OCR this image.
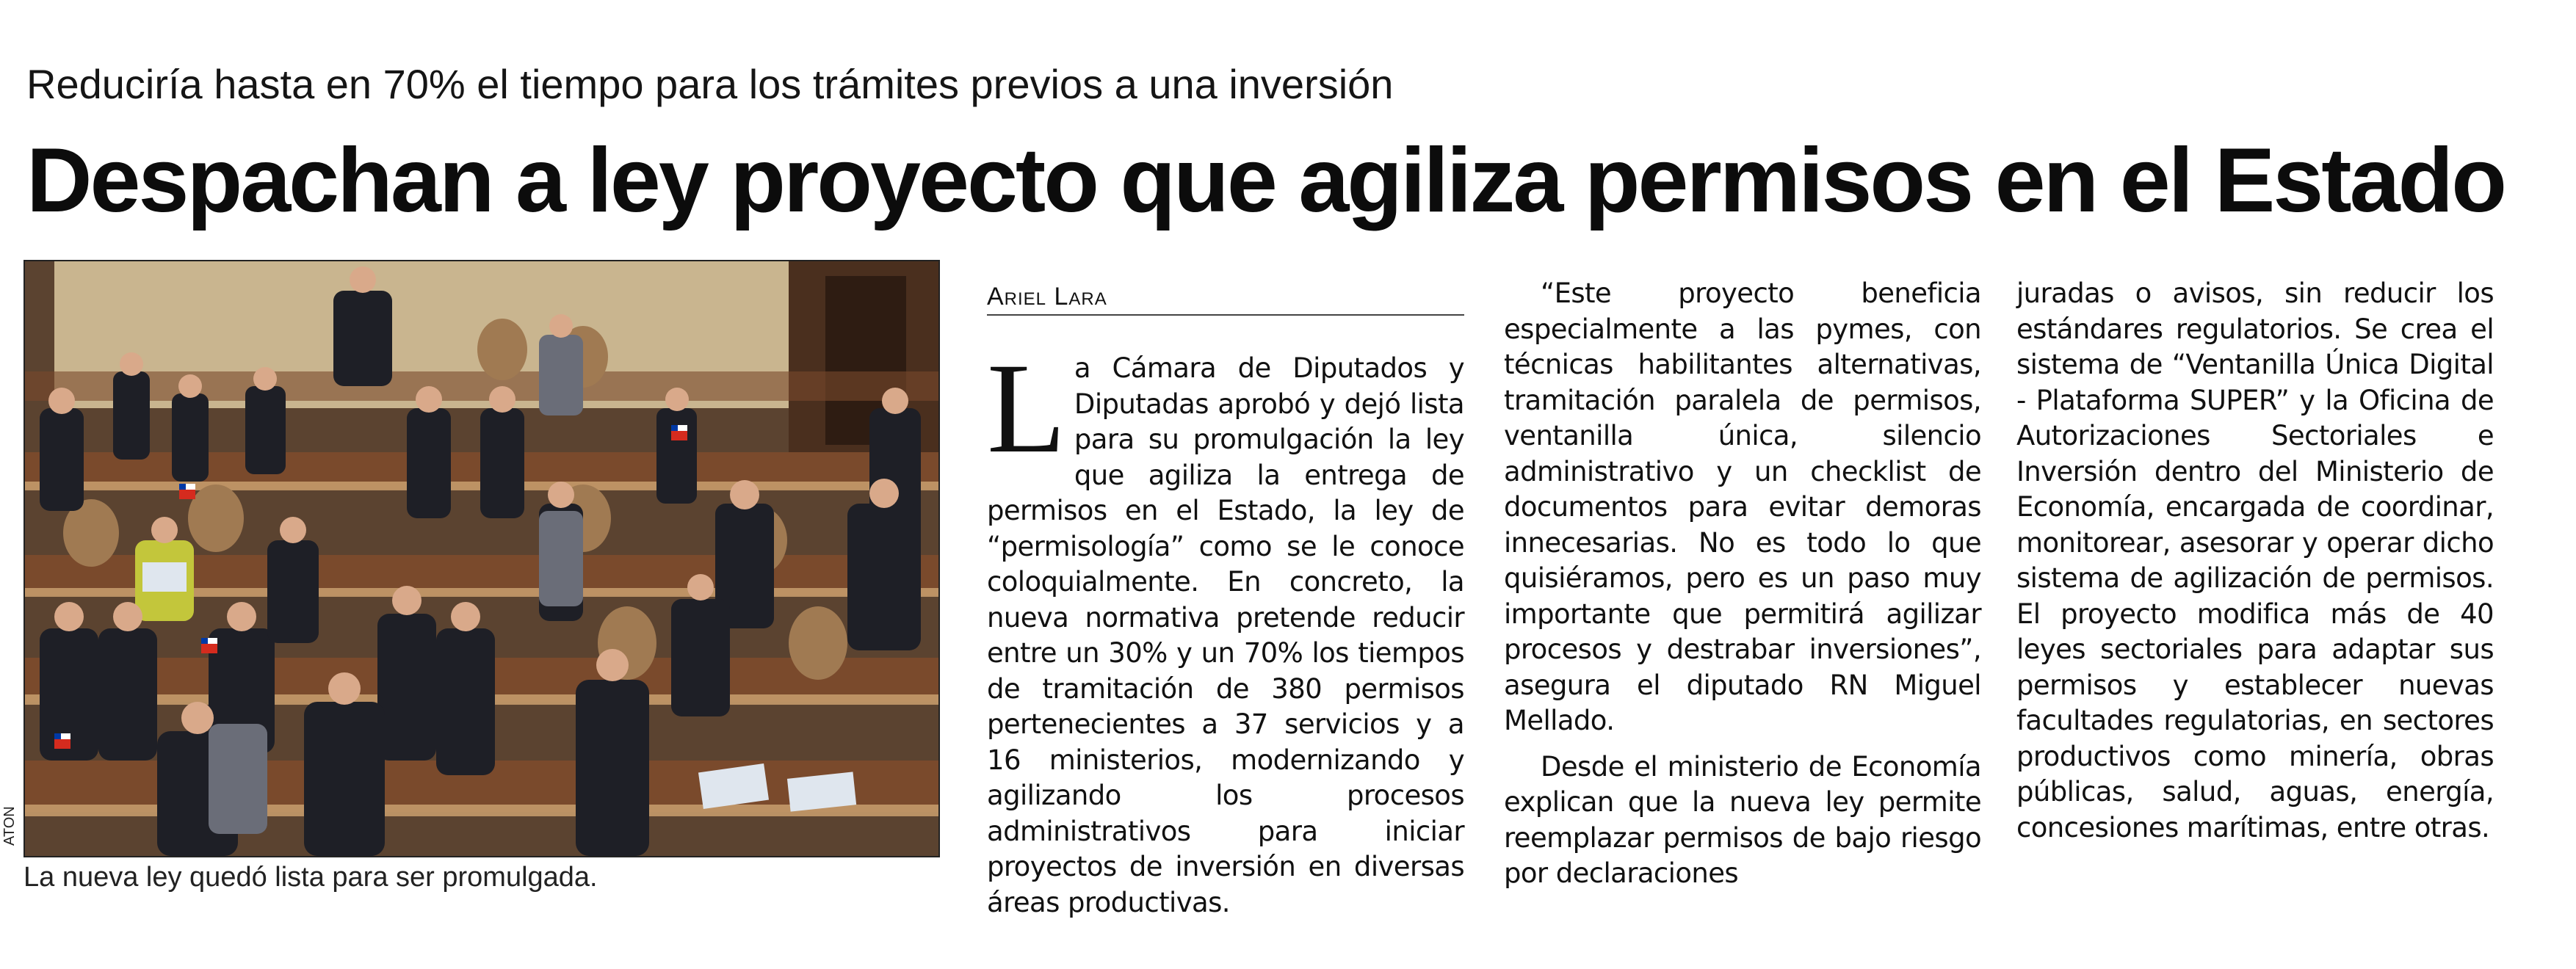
Reduciría hasta en 70% el tiempo para los trámites previos a una inversión
Despachan a ley proyecto que agiliza permisos en el Estado
ATON
La nueva ley quedó lista para ser promulgada.
Ariel Lara
L a Cámara de Diputados y Diputadas aprobó y dejó lista para su promulgación la ley que agiliza la entrega de permisos en el Estado, la ley de “permisología” como se le conoce coloquialmente. En concreto, la nueva normativa pretende reducir entre un 30% y un 70% los tiempos de tramitación de 380 permisos pertenecientes a 37 servicios y a 16 ministerios, modernizando y agilizando los procesos administrativos para iniciar proyectos de inversión en diversas áreas productivas.

“Este proyecto beneficia especialmente a las pymes, con técnicas habilitantes alternativas, tramitación paralela de permisos, ventanilla única, silencio administrativo y un checklist de documentos para evitar demoras innecesarias. No es todo lo que quisiéramos, pero es un paso muy importante que permitirá agilizar procesos y destrabar inversiones”, asegura el diputado RN Miguel Mellado.

Desde el ministerio de Economía explican que la nueva ley permite reemplazar permisos de bajo riesgo por declaraciones

juradas o avisos, sin reducir los estándares regulatorios. Se crea el sistema de “Ventanilla Única Digital - Plataforma SUPER” y la Oficina de Autorizaciones Sectoriales e Inversión dentro del Ministerio de Economía, encargada de coordinar, monitorear, asesorar y operar dicho sistema de agilización de permisos. El proyecto modifica más de 40 leyes sectoriales para adaptar sus permisos y establecer nuevas facultades regulatorias, en sectores productivos como minería, obras públicas, salud, aguas, energía, concesiones marítimas, entre otras.
